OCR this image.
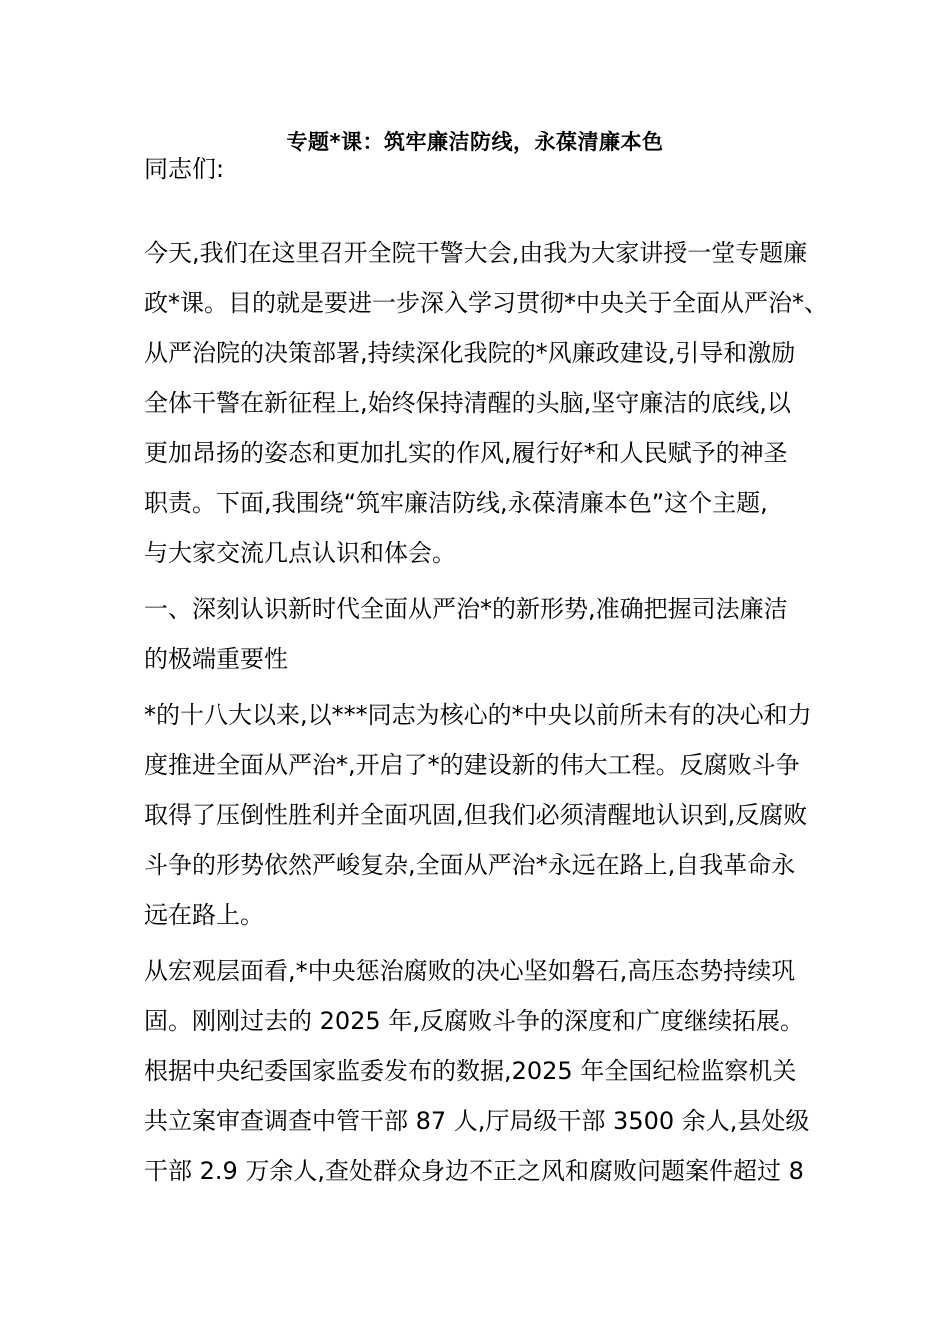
专题*课：筑牢廉洁防线，永葆清廉本色
同志们:
今天,我们在这里召开全院干警大会,由我为大家讲授一堂专题廉
政*课。目的就是要进一步深入学习贯彻*中央关于全面从严治*、
从严治院的决策部署,持续深化我院的*风廉政建设,引导和激励
全体干警在新征程上,始终保持清醒的头脑,坚守廉洁的底线,以
更加昂扬的姿态和更加扎实的作风,履行好*和人民赋予的神圣
职责。下面,我围绕“筑牢廉洁防线,永葆清廉本色”这个主题,
与大家交流几点认识和体会。
一、深刻认识新时代全面从严治*的新形势,准确把握司法廉洁
的极端重要性
*的十八大以来,以***同志为核心的*中央以前所未有的决心和力
度推进全面从严治*,开启了*的建设新的伟大工程。反腐败斗争
取得了压倒性胜利并全面巩固,但我们必须清醒地认识到,反腐败
斗争的形势依然严峻复杂,全面从严治*永远在路上,自我革命永
远在路上。
从宏观层面看,*中央惩治腐败的决心坚如磐石,高压态势持续巩
固。刚刚过去的 2025 年,反腐败斗争的深度和广度继续拓展。
根据中央纪委国家监委发布的数据,2025 年全国纪检监察机关
共立案审查调查中管干部 87 人,厅局级干部 3500 余人,县处级
干部 2.9 万余人,查处群众身边不正之风和腐败问题案件超过 8
